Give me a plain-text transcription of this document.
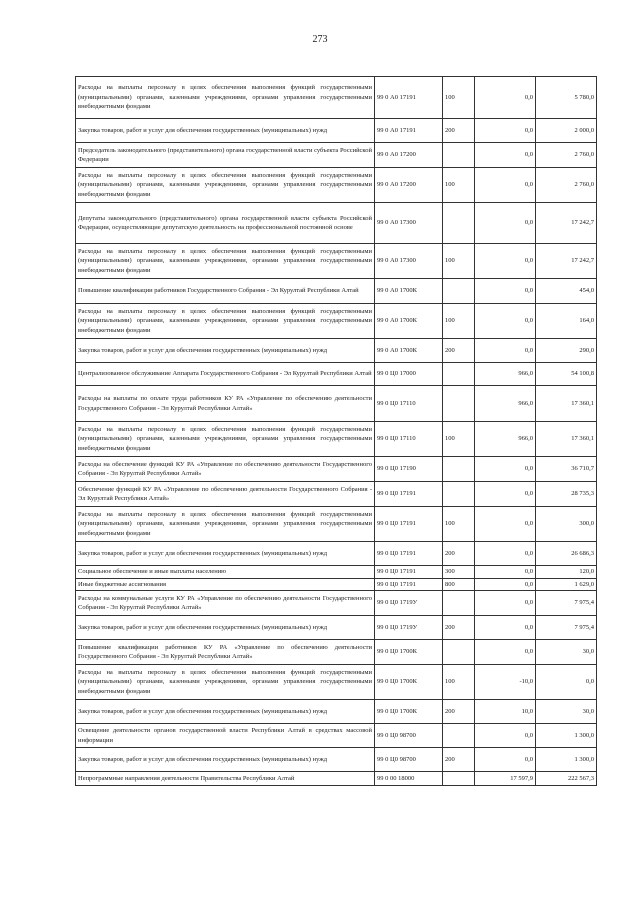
273
Расходы на выплаты персоналу в целях обеспечения выполнения функций государственными (муниципальными) органами, казенными учреждениями, органами управления государственными внебюджетными фондами	99 0 А0 17191	100	0,0	5 780,0
Закупка товаров, работ и услуг для обеспечения государственных (муниципальных) нужд	99 0 А0 17191	200	0,0	2 000,0
Председатель законодательного (представительного) органа государственной власти субъекта Российской Федерации	99 0 А0 17200		0,0	2 760,0
Расходы на выплаты персоналу в целях обеспечения выполнения функций государственными (муниципальными) органами, казенными учреждениями, органами управления государственными внебюджетными фондами	99 0 А0 17200	100	0,0	2 760,0
Депутаты законодательного (представительного) органа государственной власти субъекта Российской Федерации, осуществляющие депутатскую деятельность на профессиональной постоянной основе	99 0 А0 17300		0,0	17 242,7
Расходы на выплаты персоналу в целях обеспечения выполнения функций государственными (муниципальными) органами, казенными учреждениями, органами управления государственными внебюджетными фондами	99 0 А0 17300	100	0,0	17 242,7
Повышение квалификации работников Государственного Собрания - Эл Курултай Республики Алтай	99 0 А0 1700К		0,0	454,0
Расходы на выплаты персоналу в целях обеспечения выполнения функций государственными (муниципальными) органами, казенными учреждениями, органами управления государственными внебюджетными фондами	99 0 А0 1700К	100	0,0	164,0
Закупка товаров, работ и услуг для обеспечения государственных (муниципальных) нужд	99 0 А0 1700К	200	0,0	290,0
Централизованное обслуживание Аппарата Государственного Собрания - Эл Курултай Республики Алтай	99 0 Ц0 17000		966,0	54 100,8
Расходы на выплаты по оплате труда работников КУ РА «Управление по обеспечению деятельности Государственного Собрания - Эл Курултай Республики Алтай»	99 0 Ц0 17110		966,0	17 360,1
Расходы на выплаты персоналу в целях обеспечения выполнения функций государственными (муниципальными) органами, казенными учреждениями, органами управления государственными внебюджетными фондами	99 0 Ц0 17110	100	966,0	17 360,1
Расходы на обеспечение функций КУ РА «Управление по обеспечению деятельности Государственного Собрания - Эл Курултай Республики Алтай»	99 0 Ц0 17190		0,0	36 710,7
Обеспечение функций КУ РА «Управление по обеспечению деятельности Государственного Собрания - Эл Курултай Республики Алтай»	99 0 Ц0 17191		0,0	28 735,3
Расходы на выплаты персоналу в целях обеспечения выполнения функций государственными (муниципальными) органами, казенными учреждениями, органами управления государственными внебюджетными фондами	99 0 Ц0 17191	100	0,0	300,0
Закупка товаров, работ и услуг для обеспечения государственных (муниципальных) нужд	99 0 Ц0 17191	200	0,0	26 686,3
Социальное обеспечение и иные выплаты населению	99 0 Ц0 17191	300	0,0	120,0
Иные бюджетные ассигнования	99 0 Ц0 17191	800	0,0	1 629,0
Расходы на коммунальные услуги КУ РА «Управление по обеспечению деятельности Государственного Собрания - Эл Курултай Республики Алтай»	99 0 Ц0 1719У		0,0	7 975,4
Закупка товаров, работ и услуг для обеспечения государственных (муниципальных) нужд	99 0 Ц0 1719У	200	0,0	7 975,4
Повышение квалификации работников КУ РА «Управление по обеспечению деятельности Государственного Собрания - Эл Курултай Республики Алтай»	99 0 Ц0 1700К		0,0	30,0
Расходы на выплаты персоналу в целях обеспечения выполнения функций государственными (муниципальными) органами, казенными учреждениями, органами управления государственными внебюджетными фондами	99 0 Ц0 1700К	100	-10,0	0,0
Закупка товаров, работ и услуг для обеспечения государственных (муниципальных) нужд	99 0 Ц0 1700К	200	10,0	30,0
Освещение деятельности органов государственной власти Республики Алтай в средствах массовой информации	99 0 Ц0 98700		0,0	1 300,0
Закупка товаров, работ и услуг для обеспечения государственных (муниципальных) нужд	99 0 Ц0 98700	200	0,0	1 300,0
Непрограммные направления деятельности Правительства Республики Алтай	99 0 00 18000		17 597,9	222 567,3
